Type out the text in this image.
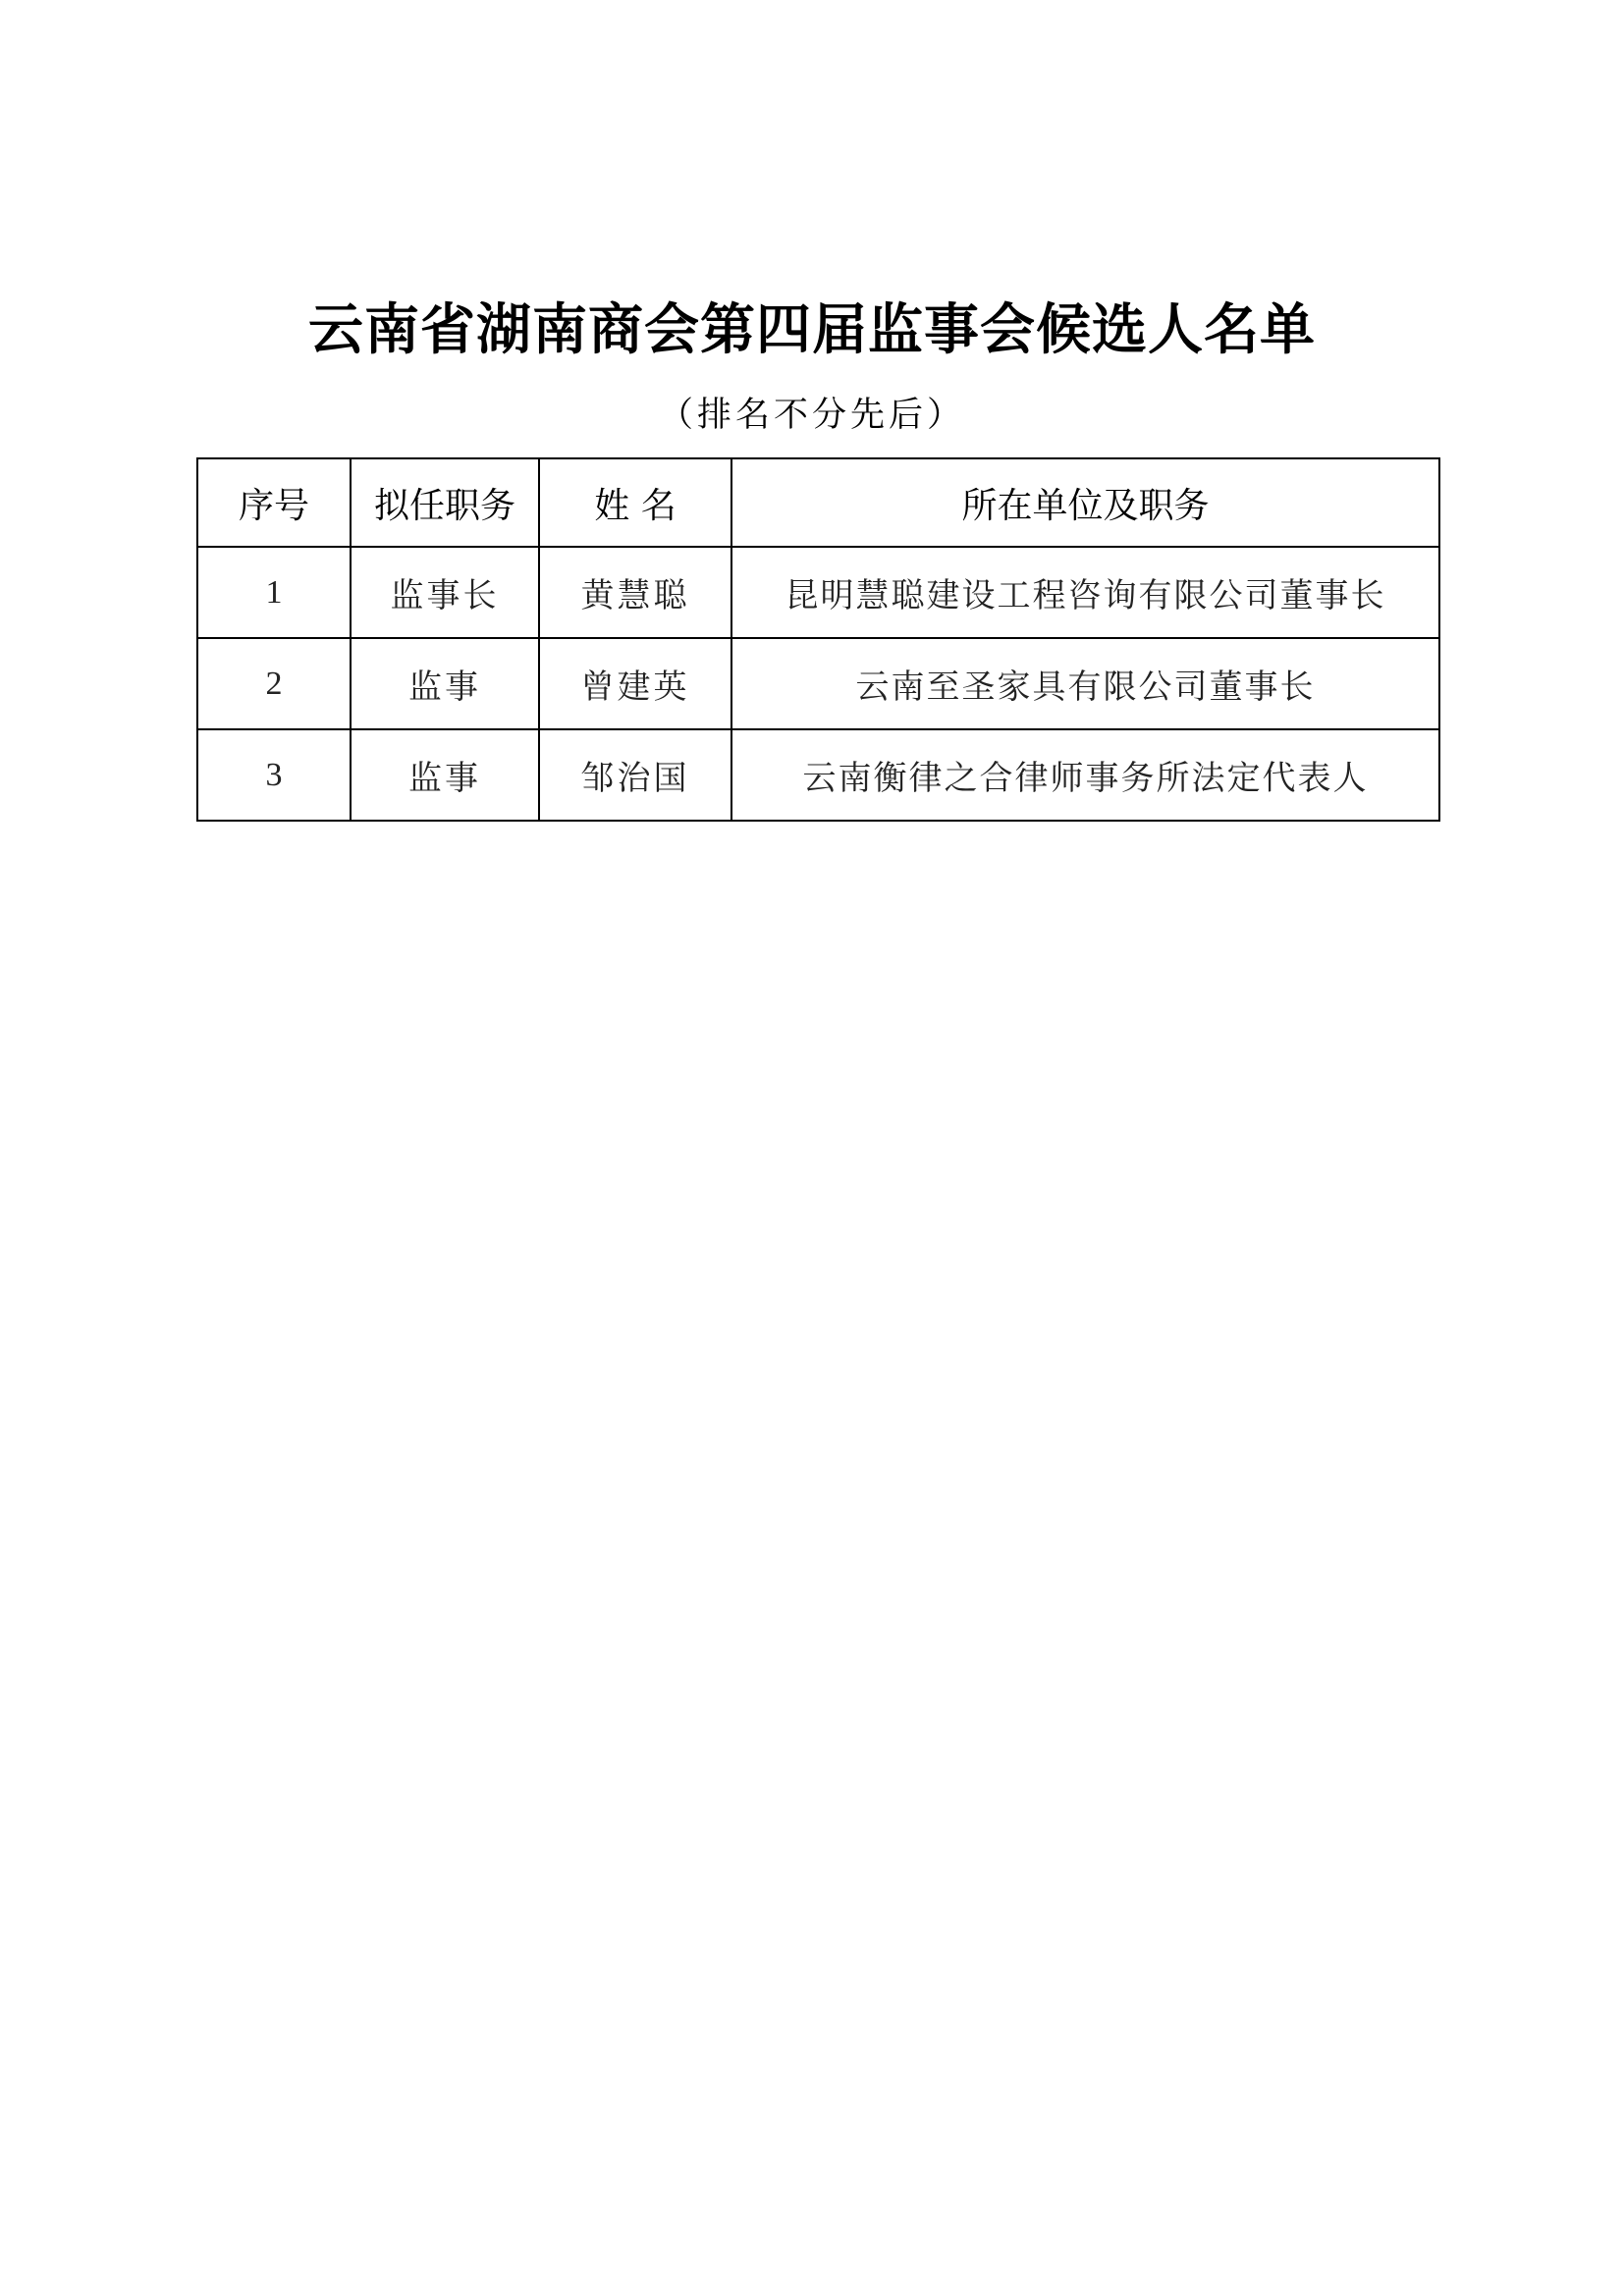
云南省湖南商会第四届监事会候选人名单
（排名不分先后）
序号	拟任职务	姓 名	所在单位及职务
1	监事长	黄慧聪	昆明慧聪建设工程咨询有限公司董事长
2	监事	曾建英	云南至圣家具有限公司董事长
3	监事	邹治国	云南衡律之合律师事务所法定代表人
